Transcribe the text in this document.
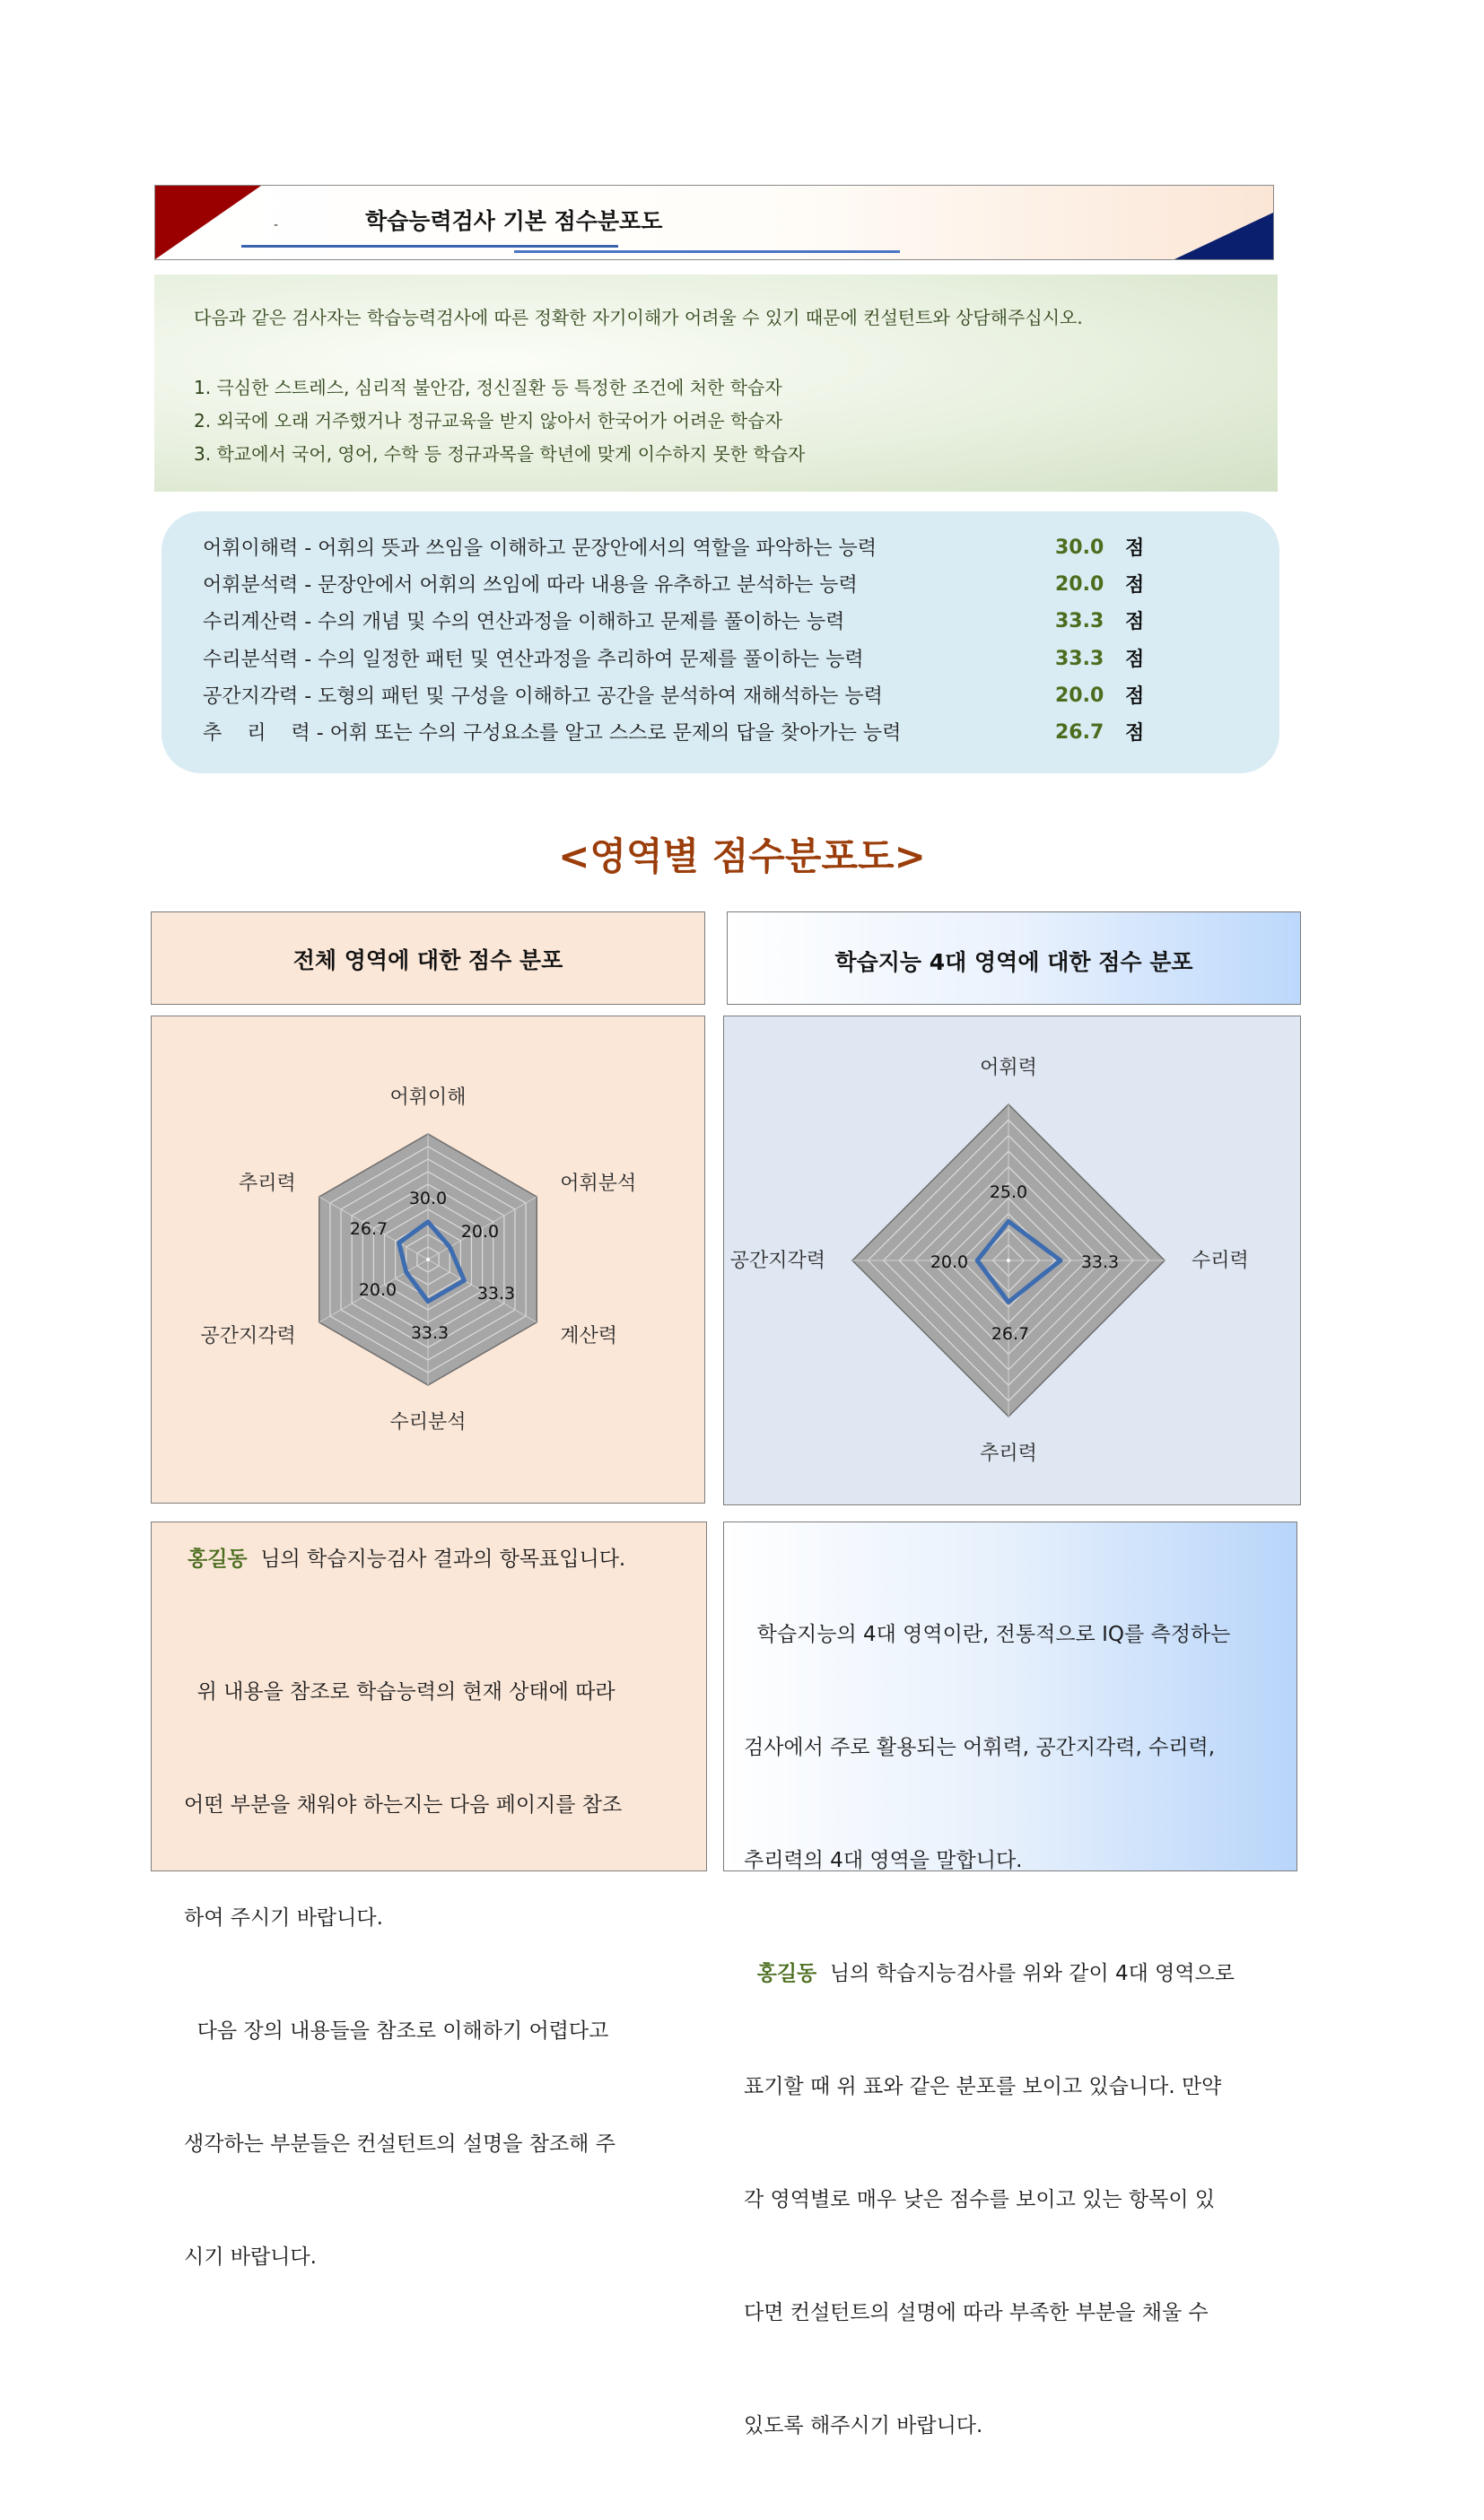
-	학습능력검사 기본 점수분포도
다음과 같은 검사자는 학습능력검사에 따른 정확한 자기이해가 어려울 수 있기 때문에 컨설턴트와 상담해주십시오.
1. 극심한 스트레스, 심리적 불안감, 정신질환 등 특정한 조건에 처한 학습자
2. 외국에 오래 거주했거나 정규교육을 받지 않아서 한국어가 어려운 학습자
3. 학교에서 국어, 영어, 수학 등 정규과목을 학년에 맞게 이수하지 못한 학습자
어휘이해력 - 어휘의 뜻과 쓰임을 이해하고 문장안에서의 역할을 파악하는 능력	30.0 점
어휘분석력 - 문장안에서 어휘의 쓰임에 따라 내용을 유추하고 분석하는 능력	20.0 점
수리계산력 - 수의 개념 및 수의 연산과정을 이해하고 문제를 풀이하는 능력	33.3 점
수리분석력 - 수의 일정한 패턴 및 연산과정을 추리하여 문제를 풀이하는 능력	33.3 점
공간지각력 - 도형의 패턴 및 구성을 이해하고 공간을 분석하여 재해석하는 능력	20.0 점
추    리    력 - 어휘 또는 수의 구성요소를 알고 스스로 문제의 답을 찾아가는 능력	26.7 점
<영역별 점수분포도>
전체 영역에 대한 점수 분포	학습지능 4대 영역에 대한 점수 분포
어휘이해
어휘분석
계산력
수리분석
공간지각력
추리력
30.0
20.0
33.3
33.3
20.0
26.7
어휘력
수리력
추리력
공간지각력
25.0
33.3
26.7
20.0
홍길동  님의 학습지능검사 결과의 항목표입니다.

위 내용을 참조로 학습능력의 현재 상태에 따라

어떤 부분을 채워야 하는지는 다음 페이지를 참조

하여 주시기 바랍니다.

다음 장의 내용들을 참조로 이해하기 어렵다고

생각하는 부분들은 컨설턴트의 설명을 참조해 주

시기 바랍니다.

학습지능의 4대 영역이란, 전통적으로 IQ를 측정하는

검사에서 주로 활용되는 어휘력, 공간지각력, 수리력,

추리력의 4대 영역을 말합니다.

홍길동  님의 학습지능검사를 위와 같이 4대 영역으로

표기할 때 위 표와 같은 분포를 보이고 있습니다. 만약

각 영역별로 매우 낮은 점수를 보이고 있는 항목이 있

다면 컨설턴트의 설명에 따라 부족한 부분을 채울 수

있도록 해주시기 바랍니다.
